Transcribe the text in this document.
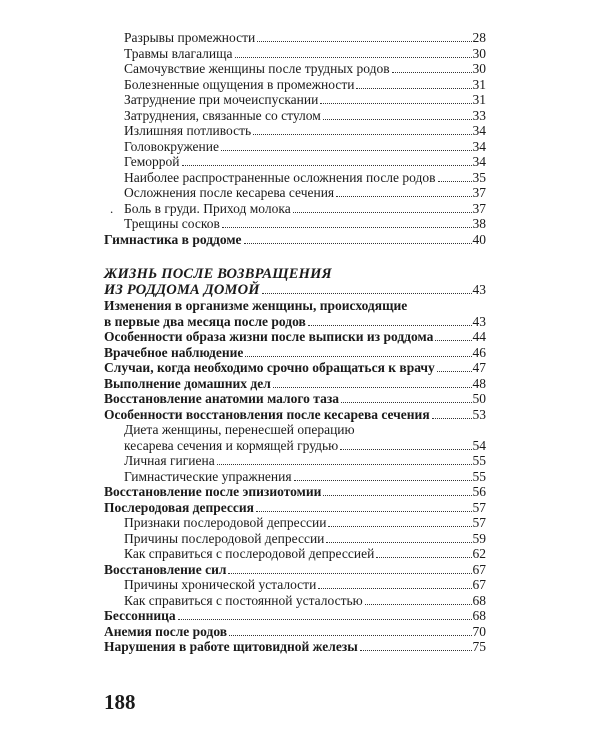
Разрывы промежности	28
Травмы влагалища	30
Самочувствие женщины после трудных родов	30
Болезненные ощущения в промежности	31
Затруднение при мочеиспускании	31
Затруднения, связанные со стулом	33
Излишняя потливость	34
Головокружение	34
Геморрой	34
Наиболее распространенные осложнения после родов	35
Осложнения после кесарева сечения	37
. Боль в груди. Приход молока	37
Трещины сосков	38
Гимнастика в роддоме	40
ЖИЗНЬ ПОСЛЕ ВОЗВРАЩЕНИЯ
ИЗ РОДДОМА ДОМОЙ	43
Изменения в организме женщины, происходящие
в первые два месяца после родов	43
Особенности образа жизни после выписки из роддома	44
Врачебное наблюдение	46
Случаи, когда необходимо срочно обращаться к врачу	47
Выполнение домашних дел	48
Восстановление анатомии малого таза	50
Особенности восстановления после кесарева сечения	53
Диета женщины, перенесшей операцию
кесарева сечения и кормящей грудью	54
Личная гигиена	55
Гимнастические упражнения	55
Восстановление после эпизиотомии	56
Послеродовая депрессия	57
Признаки послеродовой депрессии	57
Причины послеродовой депрессии	59
Как справиться с послеродовой депрессией	62
Восстановление сил	67
Причины хронической усталости	67
Как справиться с постоянной усталостью	68
Бессонница	68
Анемия после родов	70
Нарушения в работе щитовидной железы	75
188
